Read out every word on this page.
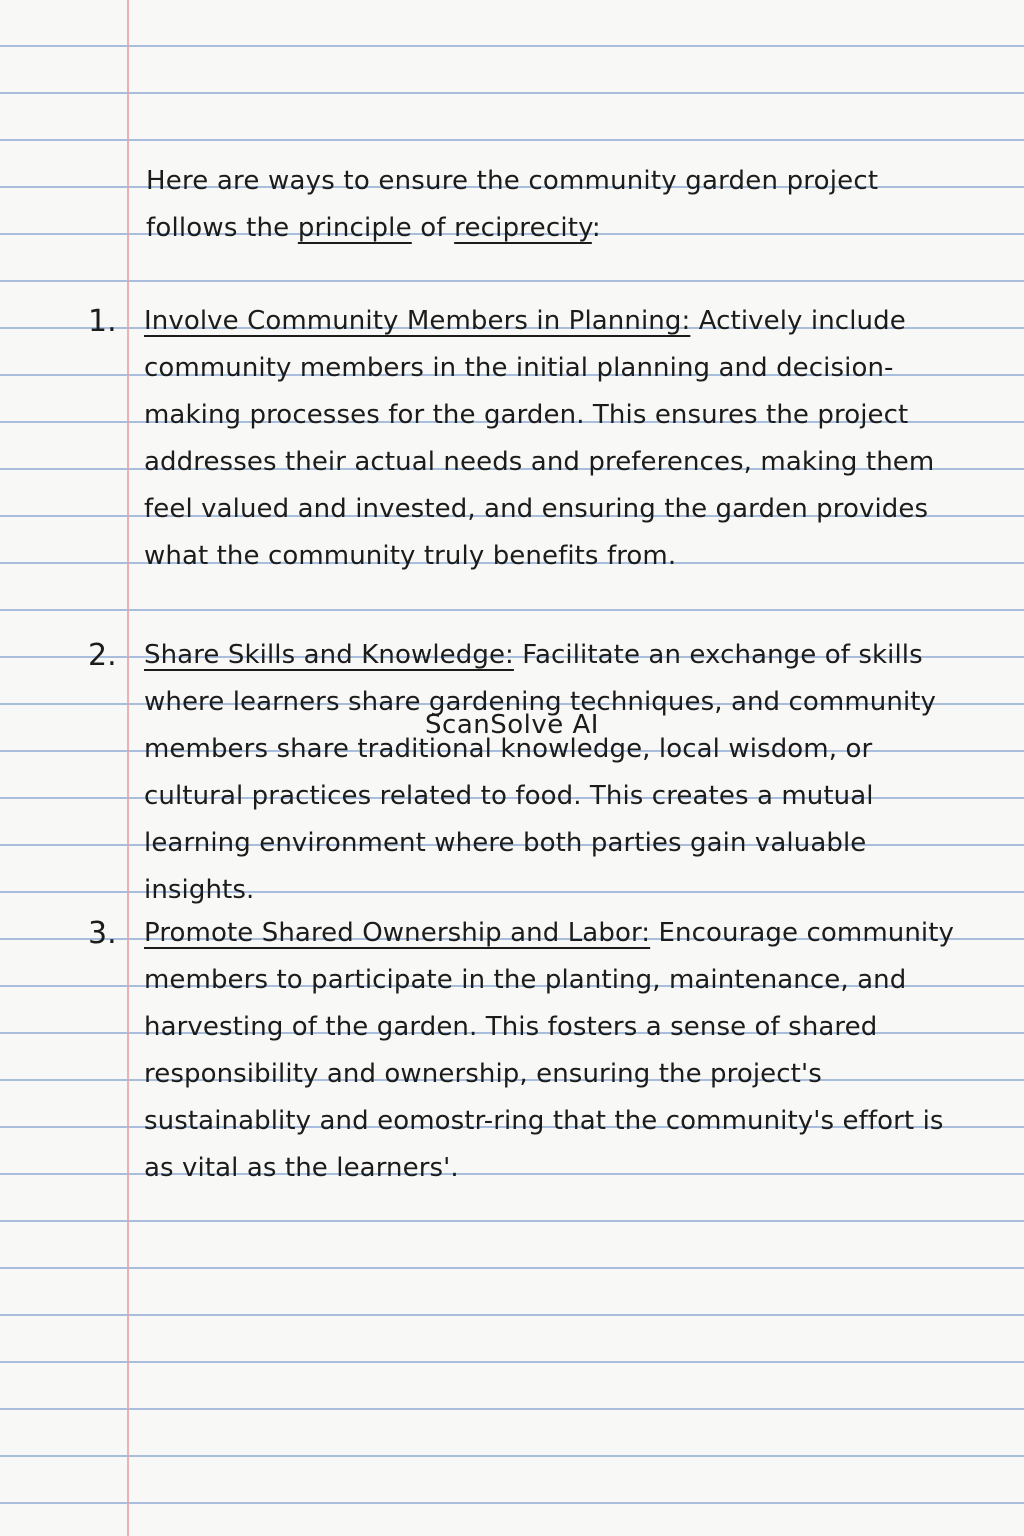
Here are ways to ensure the community garden project follows the principle of reciprecity:
1.	Involve Community Members in Planning: Actively include community members in the initial planning and decision-making processes for the garden. This ensures the project addresses their actual needs and preferences, making them feel valued and invested, and ensuring the garden provides what the community truly benefits from.
2.	Share Skills and Knowledge: Facilitate an exchange of skills where learners share gardening techniques, and community members share traditional knowledge, local wisdom, or cultural practices related to food. This creates a mutual learning environment where both parties gain valuable insights.
3.	Promote Shared Ownership and Labor: Encourage community members to participate in the planting, maintenance, and harvesting of the garden. This fosters a sense of shared responsibility and ownership, ensuring the project's sustainablity and eomostr-ring that the community's effort is as vital as the learners'.
ScanSolve AI
